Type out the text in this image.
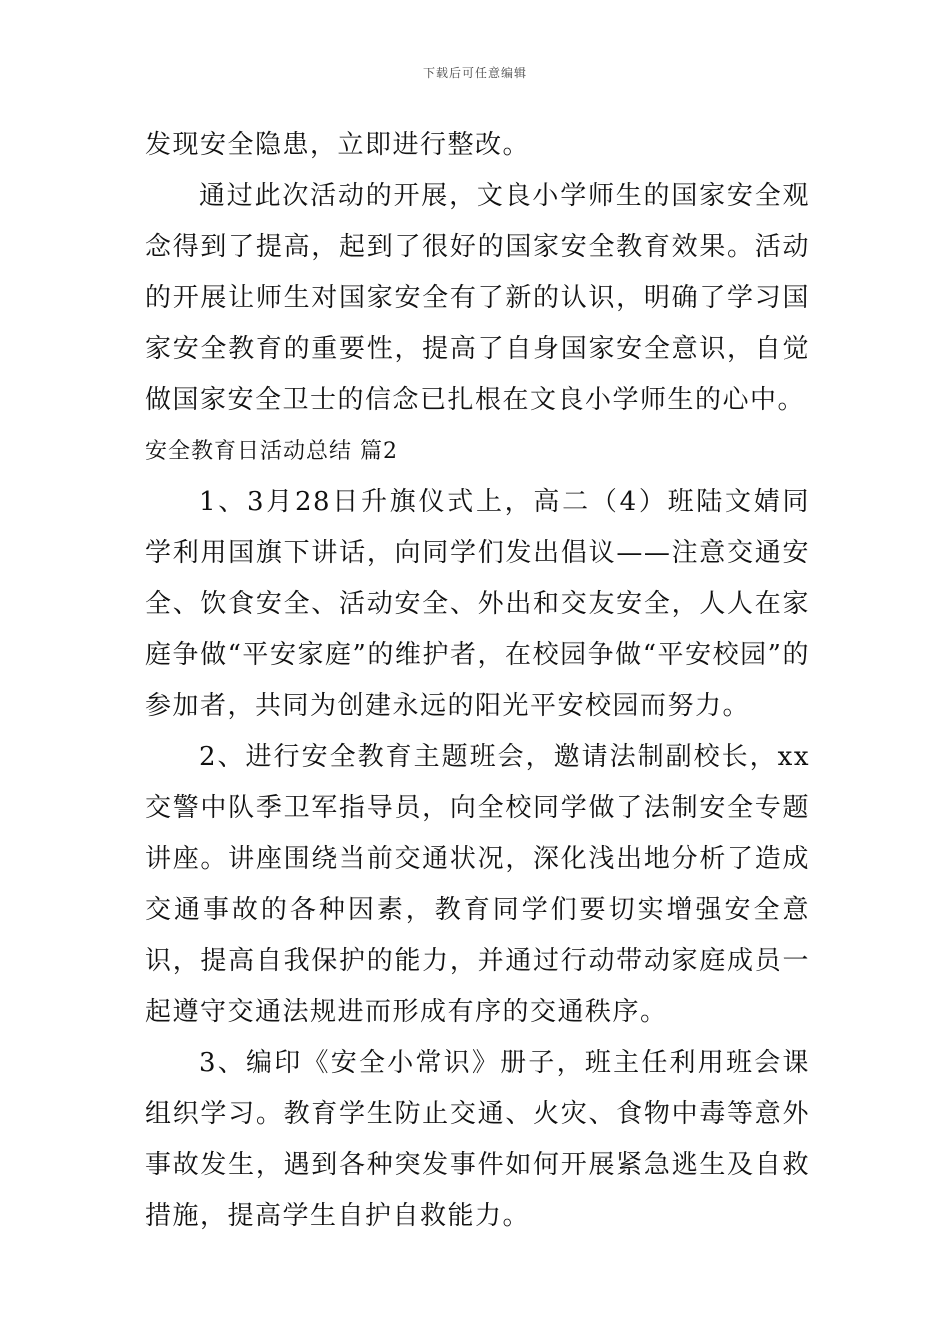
下载后可任意编辑

发现安全隐患，立即进行整改。

通过此次活动的开展，文良小学师生的国家安全观念得到了提高，起到了很好的国家安全教育效果。活动的开展让师生对国家安全有了新的认识，明确了学习国家安全教育的重要性，提高了自身国家安全意识，自觉做国家安全卫士的信念已扎根在文良小学师生的心中。

安全教育日活动总结 篇2

1、3月28日升旗仪式上，高二（4）班陆文婧同学利用国旗下讲话，向同学们发出倡议——注意交通安全、饮食安全、活动安全、外出和交友安全，人人在家庭争做“平安家庭”的维护者，在校园争做“平安校园”的参加者，共同为创建永远的阳光平安校园而努力。

2、进行安全教育主题班会，邀请法制副校长，xx交警中队季卫军指导员，向全校同学做了法制安全专题讲座。讲座围绕当前交通状况，深化浅出地分析了造成交通事故的各种因素，教育同学们要切实增强安全意识，提高自我保护的能力，并通过行动带动家庭成员一起遵守交通法规进而形成有序的交通秩序。

3、编印《安全小常识》册子，班主任利用班会课组织学习。教育学生防止交通、火灾、食物中毒等意外事故发生，遇到各种突发事件如何开展紧急逃生及自救措施，提高学生自护自救能力。
